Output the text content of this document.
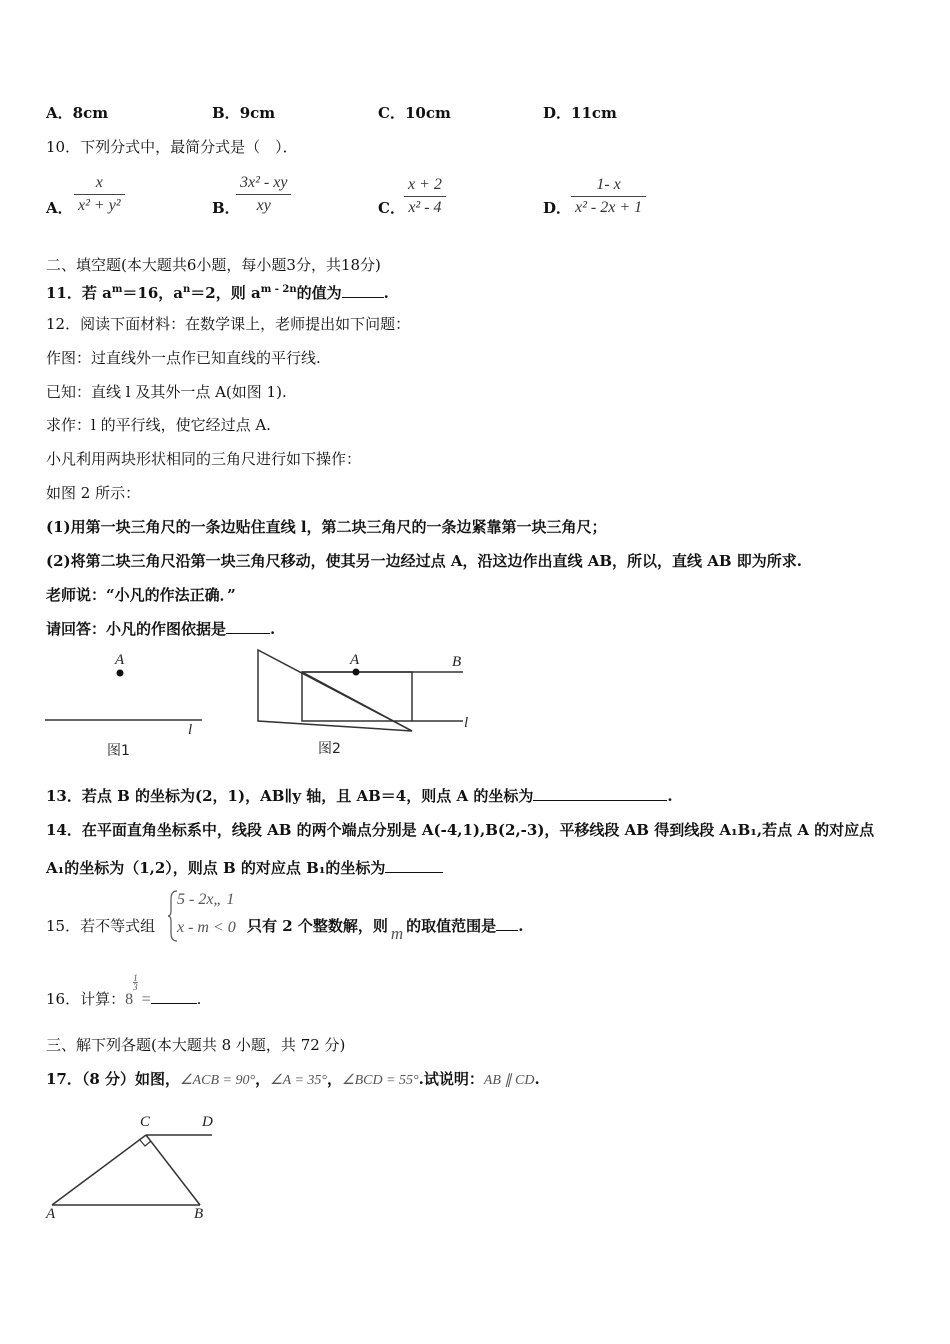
A．8cm	B．9cm	C．10cm	D．11cm
10．下列分式中，最简分式是（　）．
A．
x
x² + y²	B．
3x² - xy
xy	C．
x + 2
x² - 4	D．
1- x
x² - 2x + 1
二、填空题(本大题共6小题，每小题3分，共18分)
11．若 $a^m=16$，$a^n=2$，则 $a^{m - 2n}$的值为	.
12．阅读下面材料：在数学课上，老师提出如下问题：
作图：过直线外一点作已知直线的平行线.
已知：直线 l 及其外一点 A(如图 1).
求作：l 的平行线，使它经过点 A.
小凡利用两块形状相同的三角尺进行如下操作：
如图 2 所示：
(1)用第一块三角尺的一条边贴住直线 l，第二块三角尺的一条边紧靠第一块三角尺；
(2)将第二块三角尺沿第一块三角尺移动，使其另一边经过点 A，沿这边作出直线 AB，所以，直线 AB 即为所求.
老师说：“小凡的作法正确．”
请回答：小凡的作图依据是	.
A
l
图1
A	B
l
图2
13．若点 B 的坐标为(2，1)，AB∥y 轴，且 AB＝4，则点 A 的坐标为	.
14．在平面直角坐标系中，线段 AB 的两个端点分别是 A(-4,1),B(2,-3)，平移线段 AB 得到线段 A₁B₁,若点 A 的对应点
A₁的坐标为（1,2），则点 B 的对应点 B₁的坐标为
15．若不等式组
5 - 2x„ 1
x - m < 0 只有 2 个整数解，则 m 的取值范围是 .
16．计算：$8\frac{1}{3}=$	.
三、解下列各题(本大题共 8 小题，共 72 分)
17．（8 分）如图，∠ACB = 90°，∠A = 35°，∠BCD = 55°.试说明：AB ∥ CD.
C	D
A	B
